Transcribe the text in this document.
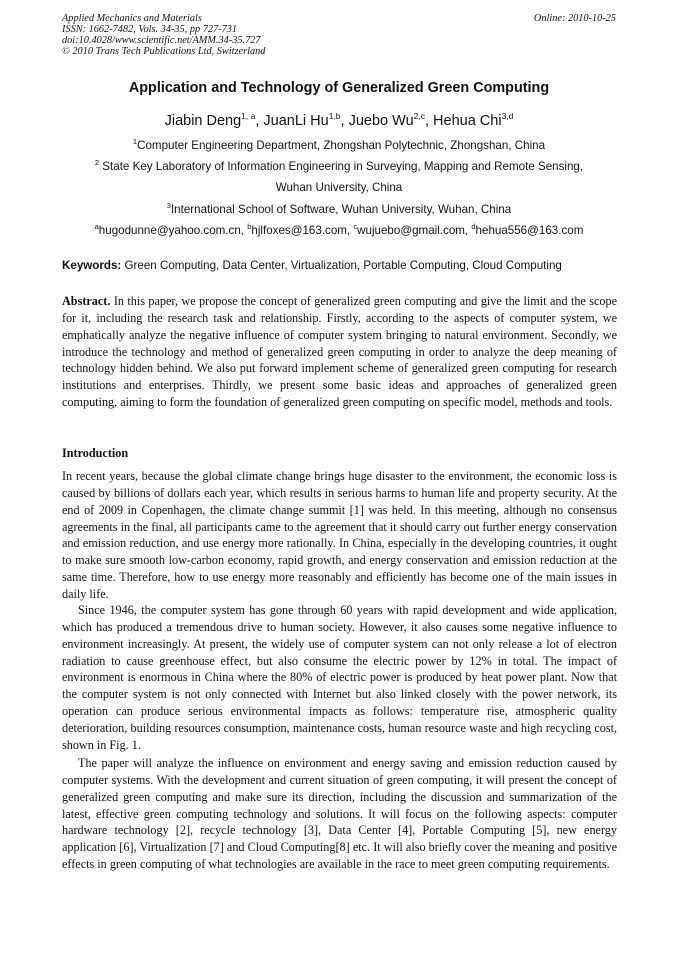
Applied Mechanics and Materials
ISSN: 1662-7482, Vols. 34-35, pp 727-731
doi:10.4028/www.scientific.net/AMM.34-35.727
© 2010 Trans Tech Publications Ltd, Switzerland
Online: 2010-10-25
Application and Technology of Generalized Green Computing
Jiabin Deng$^{1, a}$, JuanLi Hu$^{1,b}$, Juebo Wu$^{2,c}$, Hehua Chi$^{3,d}$
$^1$Computer Engineering Department, Zhongshan Polytechnic, Zhongshan, China
$^2$ State Key Laboratory of Information Engineering in Surveying, Mapping and Remote Sensing,
Wuhan University, China
$^3$International School of Software, Wuhan University, Wuhan, China
$^a$hugodunne@yahoo.com.cn, $^b$hjlfoxes@163.com, $^c$wujuebo@gmail.com, $^d$hehua556@163.com
Keywords: Green Computing, Data Center, Virtualization, Portable Computing, Cloud Computing

Abstract. In this paper, we propose the concept of generalized green computing and give the limit and the scope for it, including the research task and relationship. Firstly, according to the aspects of computer system, we emphatically analyze the negative influence of computer system bringing to natural environment. Secondly, we introduce the technology and method of generalized green computing in order to analyze the deep meaning of technology hidden behind. We also put forward implement scheme of generalized green computing for research institutions and enterprises. Thirdly, we present some basic ideas and approaches of generalized green computing, aiming to form the foundation of generalized green computing on specific model, methods and tools.

Introduction

In recent years, because the global climate change brings huge disaster to the environment, the economic loss is caused by billions of dollars each year, which results in serious harms to human life and property security. At the end of 2009 in Copenhagen, the climate change summit [1] was held. In this meeting, although no consensus agreements in the final, all participants came to the agreement that it should carry out further energy conservation and emission reduction, and use energy more rationally. In China, especially in the developing countries, it ought to make sure smooth low-carbon economy, rapid growth, and energy conservation and emission reduction at the same time. Therefore, how to use energy more reasonably and efficiently has become one of the main issues in daily life.

Since 1946, the computer system has gone through 60 years with rapid development and wide application, which has produced a tremendous drive to human society. However, it also causes some negative influence to environment increasingly. At present, the widely use of computer system can not only release a lot of electron radiation to cause greenhouse effect, but also consume the electric power by 12% in total. The impact of environment is enormous in China where the 80% of electric power is produced by heat power plant. Now that the computer system is not only connected with Internet but also linked closely with the power network, its operation can produce serious environmental impacts as follows: temperature rise, atmospheric quality deterioration, building resources consumption, maintenance costs, human resource waste and high recycling cost, shown in Fig. 1.

The paper will analyze the influence on environment and energy saving and emission reduction caused by computer systems. With the development and current situation of green computing, it will present the concept of generalized green computing and make sure its direction, including the discussion and summarization of the latest, effective green computing technology and solutions. It will focus on the following aspects: computer hardware technology [2], recycle technology [3], Data Center [4], Portable Computing [5], new energy application [6], Virtualization [7] and Cloud Computing[8] etc. It will also briefly cover the meaning and positive effects in green computing of what technologies are available in the race to meet green computing requirements.
